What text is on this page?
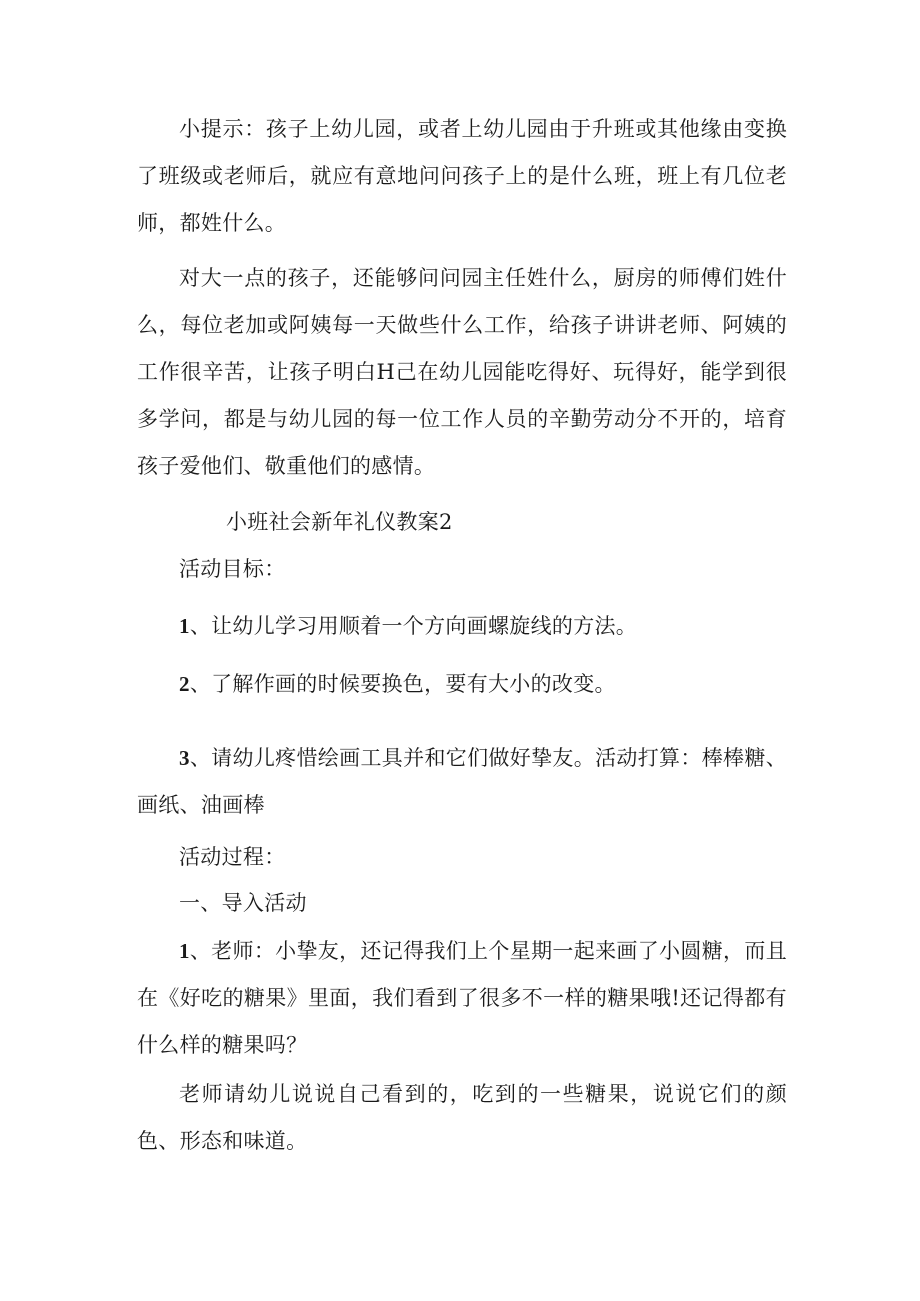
小提示：孩子上幼儿园，或者上幼儿园由于升班或其他缘由变换了班级或老师后，就应有意地问问孩子上的是什么班，班上有几位老师，都姓什么。

对大一点的孩子，还能够问问园主任姓什么，厨房的师傅们姓什么，每位老加或阿姨每一天做些什么工作，给孩子讲讲老师、阿姨的工作很辛苦，让孩子明白H己在幼儿园能吃得好、玩得好，能学到很多学问，都是与幼儿园的每一位工作人员的辛勤劳动分不开的，培育孩子爱他们、敬重他们的感情。

小班社会新年礼仪教案2

活动目标：

1、让幼儿学习用顺着一个方向画螺旋线的方法。

2、了解作画的时候要换色，要有大小的改变。

3、请幼儿疼惜绘画工具并和它们做好挚友。活动打算：棒棒糖、画纸、油画棒

活动过程：

一、导入活动

1、老师：小挚友，还记得我们上个星期一起来画了小圆糖，而且在《好吃的糖果》里面，我们看到了很多不一样的糖果哦!还记得都有什么样的糖果吗？

老师请幼儿说说自己看到的，吃到的一些糖果，说说它们的颜色、形态和味道。
